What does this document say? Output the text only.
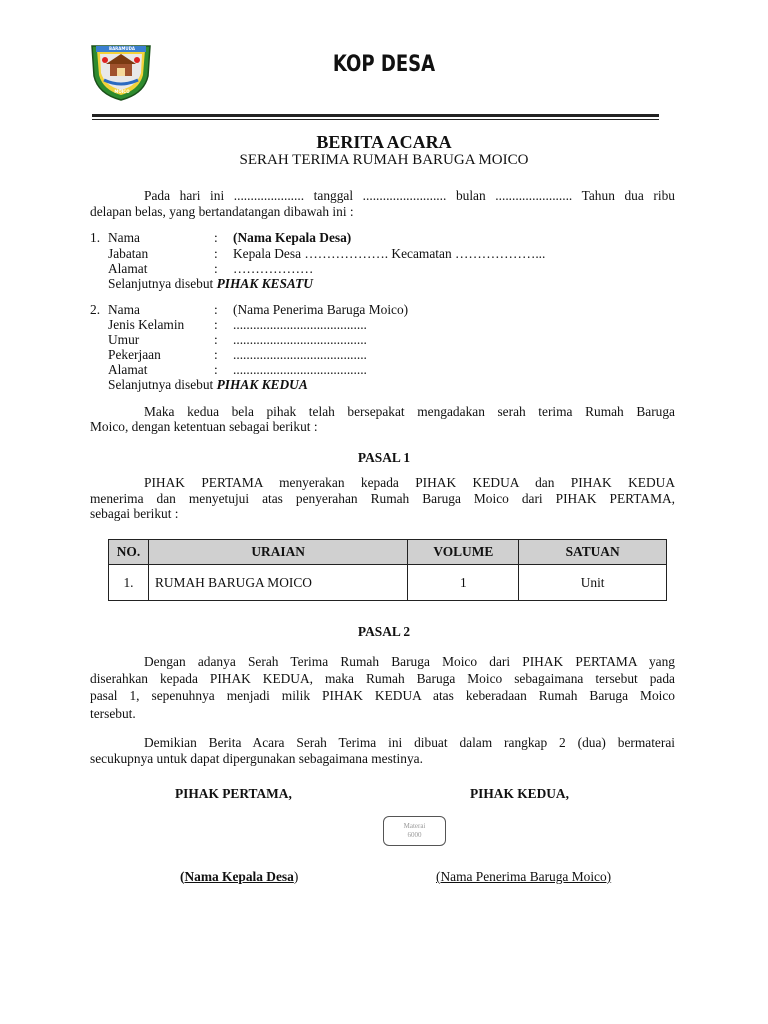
BARAMUDA
MOICO
KOP DESA
BERITA ACARA
SERAH TERIMA RUMAH BARUGA MOICO
Pada hari ini ..................... tanggal ......................... bulan ....................... Tahun dua ribu
delapan belas, yang bertandatangan dibawah ini :
1. Nama	: (Nama Kepala Desa)
Jabatan	: Kepala Desa ………………. Kecamatan ………………...
Alamat	: ………………
Selanjutnya disebut PIHAK KESATU
2. Nama	: (Nama Penerima Baruga Moico)
Jenis Kelamin : ........................................
Umur	: ........................................
Pekerjaan	: ........................................
Alamat	: ........................................
Selanjutnya disebut PIHAK KEDUA
Maka kedua bela pihak telah bersepakat mengadakan serah terima Rumah Baruga
Moico, dengan ketentuan sebagai berikut :
PASAL 1
PIHAK PERTAMA menyerakan kepada PIHAK KEDUA dan PIHAK KEDUA
menerima dan menyetujui atas penyerahan Rumah Baruga Moico dari PIHAK PERTAMA,
sebagai berikut :
NO.	URAIAN	VOLUME	SATUAN
1.	RUMAH BARUGA MOICO	1	Unit
PASAL 2
Dengan adanya Serah Terima Rumah Baruga Moico dari PIHAK PERTAMA yang
diserahkan kepada PIHAK KEDUA, maka Rumah Baruga Moico sebagaimana tersebut pada
pasal 1, sepenuhnya menjadi milik PIHAK KEDUA atas keberadaan Rumah Baruga Moico
tersebut.
Demikian Berita Acara Serah Terima ini dibuat dalam rangkap 2 (dua) bermaterai
secukupnya untuk dapat dipergunakan sebagaimana mestinya.
PIHAK PERTAMA,	PIHAK KEDUA,
Materai
6000
(Nama Kepala Desa)	(Nama Penerima Baruga Moico)
